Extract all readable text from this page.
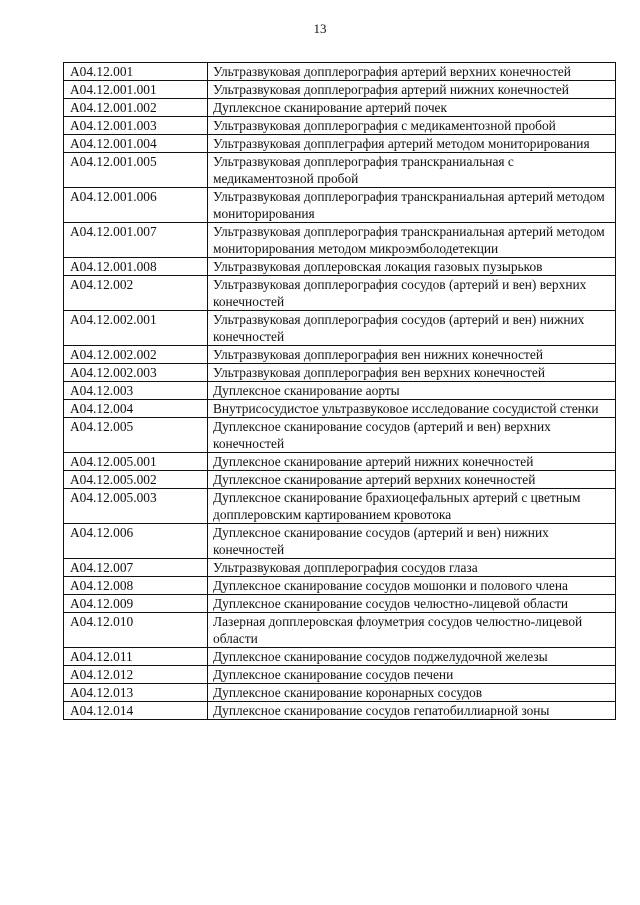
13
A04.12.001	Ультразвуковая допплерография артерий верхних конечностей
A04.12.001.001	Ультразвуковая допплерография артерий нижних конечностей
A04.12.001.002	Дуплексное сканирование артерий почек
A04.12.001.003	Ультразвуковая допплерография с медикаментозной пробой
A04.12.001.004	Ультразвуковая допплеграфия артерий методом мониторирования
A04.12.001.005	Ультразвуковая допплерография транскраниальная с медикаментозной пробой
A04.12.001.006	Ультразвуковая допплерография транскраниальная артерий методом мониторирования
A04.12.001.007	Ультразвуковая допплерография транскраниальная артерий методом мониторирования методом микроэмболодетекции
A04.12.001.008	Ультразвуковая доплеровская локация газовых пузырьков
A04.12.002	Ультразвуковая допплерография сосудов (артерий и вен) верхних конечностей
A04.12.002.001	Ультразвуковая допплерография сосудов (артерий и вен) нижних конечностей
A04.12.002.002	Ультразвуковая допплерография вен нижних конечностей
A04.12.002.003	Ультразвуковая допплерография вен верхних конечностей
A04.12.003	Дуплексное сканирование аорты
A04.12.004	Внутрисосудистое ультразвуковое исследование сосудистой стенки
A04.12.005	Дуплексное сканирование сосудов (артерий и вен) верхних конечностей
A04.12.005.001	Дуплексное сканирование артерий нижних конечностей
A04.12.005.002	Дуплексное сканирование артерий верхних конечностей
A04.12.005.003	Дуплексное сканирование брахиоцефальных артерий с цветным допплеровским картированием кровотока
A04.12.006	Дуплексное сканирование сосудов (артерий и вен) нижних конечностей
A04.12.007	Ультразвуковая допплерография сосудов глаза
A04.12.008	Дуплексное сканирование сосудов мошонки и полового члена
A04.12.009	Дуплексное сканирование сосудов челюстно-лицевой области
A04.12.010	Лазерная допплеровская флоуметрия сосудов челюстно-лицевой области
A04.12.011	Дуплексное сканирование сосудов поджелудочной железы
A04.12.012	Дуплексное сканирование сосудов печени
A04.12.013	Дуплексное сканирование коронарных сосудов
A04.12.014	Дуплексное сканирование сосудов гепатобиллиарной зоны
